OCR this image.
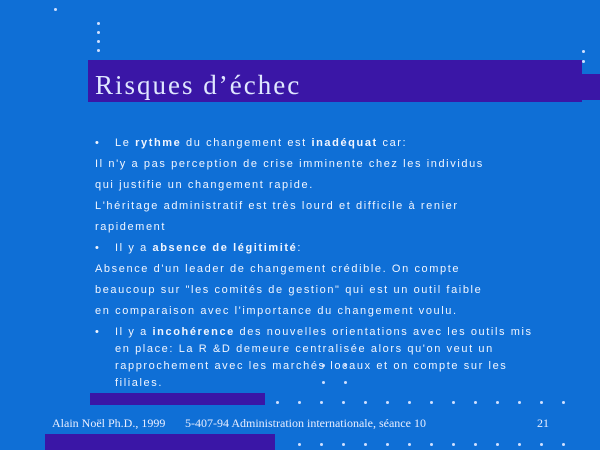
Risques d’échec
• Le rythme du changement est inadéquat car:
Il n'y a pas perception de crise imminente chez les individus
qui justifie un changement rapide.
L'héritage administratif est très lourd et difficile à renier
rapidement
• Il y a absence de légitimité:
Absence d'un leader de changement crédible. On compte
beaucoup sur "les comités de gestion" qui est un outil faible
en comparaison avec l'importance du changement voulu.
• Il y a incohérence des nouvelles orientations avec les outils mis
en place: La R &D demeure centralisée alors qu'on veut un
rapprochement avec les marchés locaux et on compte sur les
filiales.
Alain Noël Ph.D., 1999 5-407-94 Administration internationale, séance 10	21
